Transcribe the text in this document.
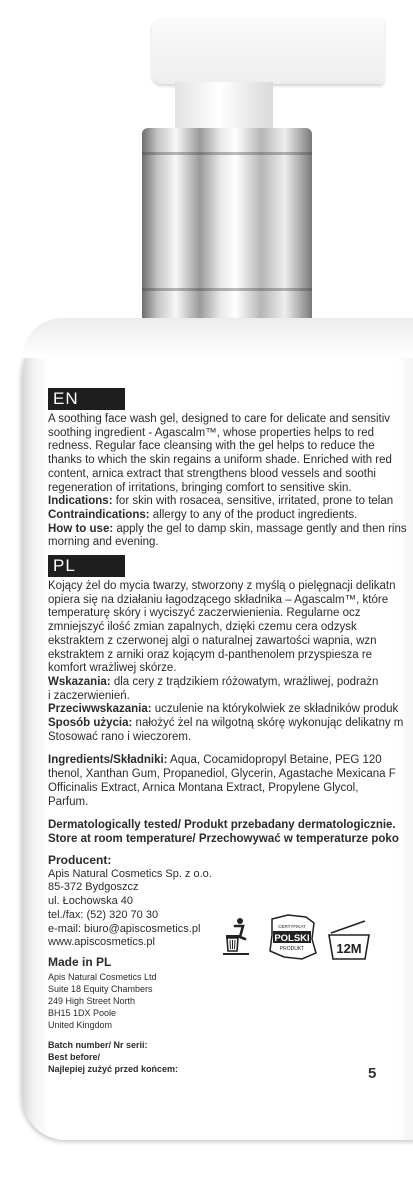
EN
A soothing face wash gel, designed to care for delicate and sensitiv
soothing ingredient - Agascalm™, whose properties helps to red
redness. Regular face cleansing with the gel helps to reduce the
thanks to which the skin regains a uniform shade. Enriched with red
content, arnica extract that strengthens blood vessels and soothi
regeneration of irritations, bringing comfort to sensitive skin.
Indications: for skin with rosacea, sensitive, irritated, prone to telan
Contraindications: allergy to any of the product ingredients.
How to use: apply the gel to damp skin, massage gently and then rins
morning and evening.
PL
Kojący żel do mycia twarzy, stworzony z myślą o pielęgnacji delikatn
opiera się na działaniu łagodzącego składnika – Agascalm™, które
temperaturę skóry i wyciszyć zaczerwienienia. Regularne ocz
zmniejszyć ilość zmian zapalnych, dzięki czemu cera odzysk
ekstraktem z czerwonej algi o naturalnej zawartości wapnia, wzn
ekstraktem z arniki oraz kojącym d-panthenolem przyspiesza re
komfort wrażliwej skórze.
Wskazania: dla cery z trądzikiem różowatym, wrażliwej, podrażn
i zaczerwienień.
Przeciwwskazania: uczulenie na którykolwiek ze składników produk
Sposób użycia: nałożyć żel na wilgotną skórę wykonując delikatny m
Stosować rano i wieczorem.
Ingredients/Składniki: Aqua, Cocamidopropyl Betaine, PEG 120
thenol, Xanthan Gum, Propanediol, Glycerin, Agastache Mexicana F
Officinalis Extract, Arnica Montana Extract, Propylene Glycol,
Parfum.
Dermatologically tested/ Produkt przebadany dermatologicznie.
Store at room temperature/ Przechowywać w temperaturze poko
Producent:
Apis Natural Cosmetics Sp. z o.o.
85-372 Bydgoszcz
ul. Łochowska 40
tel./fax: (52) 320 70 30
e-mail: biuro@apiscosmetics.pl
www.apiscosmetics.pl
Made in PL
Apis Natural Cosmetics Ltd
Suite 18 Equity Chambers
249 High Street North
BH15 1DX Poole
United Kingdom
Batch number/ Nr serii:
Best before/
Najlepiej zużyć przed końcem:
CERTYFIKAT
POLSKI
PRODUKT 12M
5
